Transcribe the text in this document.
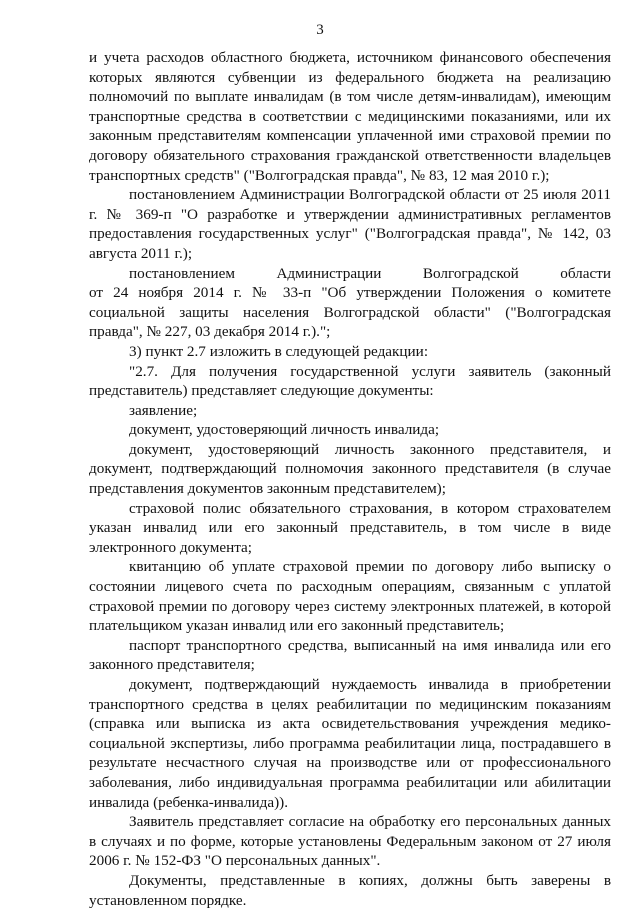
3

и учета расходов областного бюджета, источником финансового обеспечения которых являются субвенции из федерального бюджета на реализацию полномочий по выплате инвалидам (в том числе детям-инвалидам), имеющим транспортные средства в соответствии с медицинскими показаниями, или их законным представителям компенсации уплаченной ими страховой премии по договору обязательного страхования гражданской ответственности владельцев транспортных средств" ("Волгоградская правда", № 83, 12 мая 2010 г.);

постановлением Администрации Волгоградской области от 25 июля 2011 г. № 369-п "О разработке и утверждении административных регламентов предоставления государственных услуг" ("Волгоградская правда", № 142, 03 августа 2011 г.);

постановлением Администрации Волгоградской области

от 24 ноября 2014 г. № 33-п "Об утверждении Положения о комитете социальной защиты населения Волгоградской области" ("Волгоградская правда", № 227, 03 декабря 2014 г.).";

3) пункт 2.7 изложить в следующей редакции:

"2.7. Для получения государственной услуги заявитель (законный представитель) представляет следующие документы:

заявление;

документ, удостоверяющий личность инвалида;

документ, удостоверяющий личность законного представителя, и документ, подтверждающий полномочия законного представителя (в случае представления документов законным представителем);

страховой полис обязательного страхования, в котором страхователем указан инвалид или его законный представитель, в том числе в виде электронного документа;

квитанцию об уплате страховой премии по договору либо выписку о состоянии лицевого счета по расходным операциям, связанным с уплатой страховой премии по договору через систему электронных платежей, в которой плательщиком указан инвалид или его законный представитель;

паспорт транспортного средства, выписанный на имя инвалида или его законного представителя;

документ, подтверждающий нуждаемость инвалида в приобретении транспортного средства в целях реабилитации по медицинским показаниям (справка или выписка из акта освидетельствования учреждения медико-социальной экспертизы, либо программа реабилитации лица, пострадавшего в результате несчастного случая на производстве или от профессионального заболевания, либо индивидуальная программа реабилитации или абилитации инвалида (ребенка-инвалида)).

Заявитель представляет согласие на обработку его персональных данных в случаях и по форме, которые установлены Федеральным законом от 27 июля 2006 г. № 152-ФЗ "О персональных данных".

Документы, представленные в копиях, должны быть заверены в установленном порядке.
